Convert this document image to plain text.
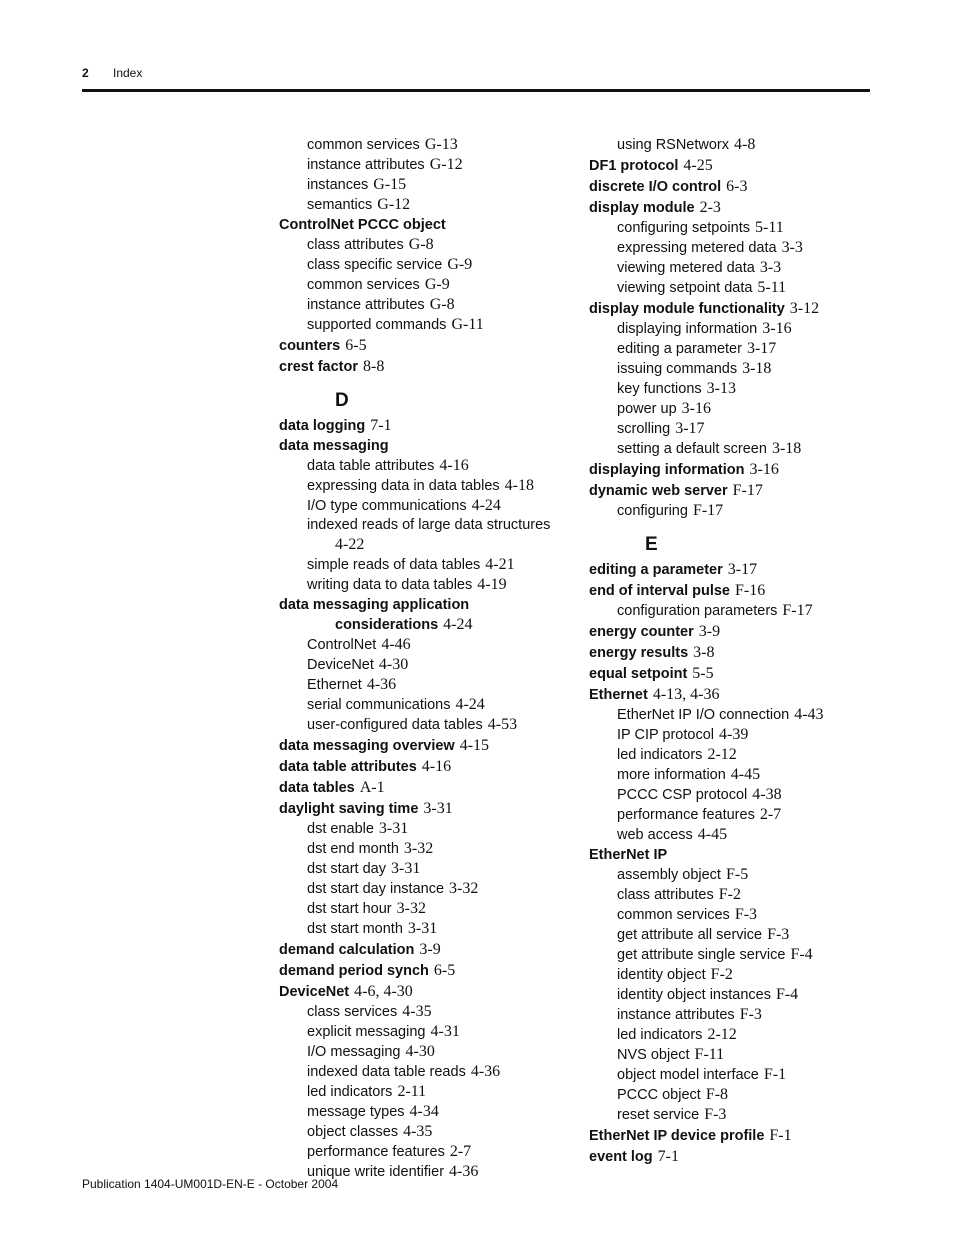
2 Index
common services G-13
instance attributes G-12
instances G-15
semantics G-12
ControlNet PCCC object
class attributes G-8
class specific service G-9
common services G-9
instance attributes G-8
supported commands G-11
counters 6-5
crest factor 8-8
D
data logging 7-1
data messaging
data table attributes 4-16
expressing data in data tables 4-18
I/O type communications 4-24
indexed reads of large data structures
4-22
simple reads of data tables 4-21
writing data to data tables 4-19
data messaging application
considerations 4-24
ControlNet 4-46
DeviceNet 4-30
Ethernet 4-36
serial communications 4-24
user-configured data tables 4-53
data messaging overview 4-15
data table attributes 4-16
data tables A-1
daylight saving time 3-31
dst enable 3-31
dst end month 3-32
dst start day 3-31
dst start day instance 3-32
dst start hour 3-32
dst start month 3-31
demand calculation 3-9
demand period synch 6-5
DeviceNet 4-6, 4-30
class services 4-35
explicit messaging 4-31
I/O messaging 4-30
indexed data table reads 4-36
led indicators 2-11
message types 4-34
object classes 4-35
performance features 2-7
unique write identifier 4-36
using RSNetworx 4-8
DF1 protocol 4-25
discrete I/O control 6-3
display module 2-3
configuring setpoints 5-11
expressing metered data 3-3
viewing metered data 3-3
viewing setpoint data 5-11
display module functionality 3-12
displaying information 3-16
editing a parameter 3-17
issuing commands 3-18
key functions 3-13
power up 3-16
scrolling 3-17
setting a default screen 3-18
displaying information 3-16
dynamic web server F-17
configuring F-17
E
editing a parameter 3-17
end of interval pulse F-16
configuration parameters F-17
energy counter 3-9
energy results 3-8
equal setpoint 5-5
Ethernet 4-13, 4-36
EtherNet IP I/O connection 4-43
IP CIP protocol 4-39
led indicators 2-12
more information 4-45
PCCC CSP protocol 4-38
performance features 2-7
web access 4-45
EtherNet IP
assembly object F-5
class attributes F-2
common services F-3
get attribute all service F-3
get attribute single service F-4
identity object F-2
identity object instances F-4
instance attributes F-3
led indicators 2-12
NVS object F-11
object model interface F-1
PCCC object F-8
reset service F-3
EtherNet IP device profile F-1
event log 7-1
Publication 1404-UM001D-EN-E - October 2004
